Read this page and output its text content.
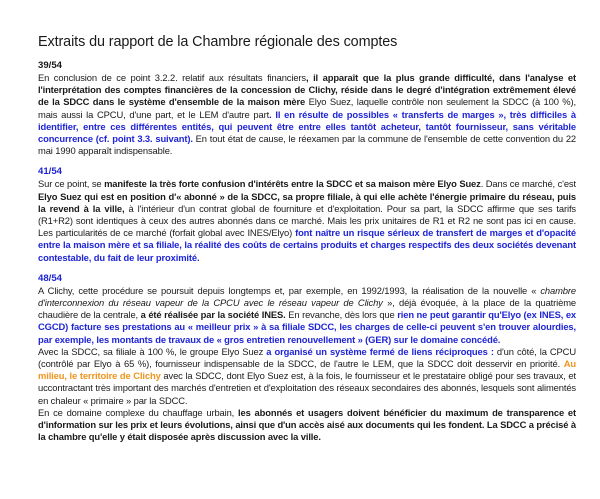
Extraits du rapport de la Chambre régionale des comptes
39/54

En conclusion de ce point 3.2.2. relatif aux résultats financiers, il apparaît que la plus grande difficulté, dans l'analyse et l'interprétation des comptes financières de la concession de Clichy, réside dans le degré d'intégration extrêmement élevé de la SDCC dans le système d'ensemble de la maison mère Elyo Suez, laquelle contrôle non seulement la SDCC (à 100 %), mais aussi la CPCU, d'une part, et le LEM d'autre part. Il en résulte de possibles « transferts de marges », très difficiles à identifier, entre ces différentes entités, qui peuvent être entre elles tantôt acheteur, tantôt fournisseur, sans véritable concurrence (cf. point 3.3. suivant). En tout état de cause, le réexamen par la commune de l'ensemble de cette convention du 22 mai 1990 apparaît indispensable.

41/54

Sur ce point, se manifeste la très forte confusion d'intérêts entre la SDCC et sa maison mère Elyo Suez. Dans ce marché, c'est Elyo Suez qui est en position d'« abonné » de la SDCC, sa propre filiale, à qui elle achète l'énergie primaire du réseau, puis la revend à la ville, à l'intérieur d'un contrat global de fourniture et d'exploitation. Pour sa part, la SDCC affirme que ses tarifs (R1+R2) sont identiques à ceux des autres abonnés dans ce marché. Mais les prix unitaires de R1 et R2 ne sont pas ici en cause. Les particularités de ce marché (forfait global avec INES/Elyo) font naître un risque sérieux de transfert de marges et d'opacité entre la maison mère et sa filiale, la réalité des coûts de certains produits et charges respectifs des deux sociétés devenant contestable, du fait de leur proximité.

48/54

A Clichy, cette procédure se poursuit depuis longtemps et, par exemple, en 1992/1993, la réalisation de la nouvelle « chambre d'interconnexion du réseau vapeur de la CPCU avec le réseau vapeur de Clichy », déjà évoquée, à la place de la quatrième chaudière de la centrale, a été réalisée par la société INES. En revanche, dès lors que rien ne peut garantir qu'Elyo (ex INES, ex CGCD) facture ses prestations au « meilleur prix » à sa filiale SDCC, les charges de celle-ci peuvent s'en trouver alourdies, par exemple, les montants de travaux de « gros entretien renouvellement » (GER) sur le domaine concédé.

Avec la SDCC, sa filiale à 100 %, le groupe Elyo Suez a organisé un système fermé de liens réciproques : d'un côté, la CPCU (contrôlé par Elyo à 65 %), fournisseur indispensable de la SDCC, de l'autre le LEM, que la SDCC doit desservir en priorité. Au milieu, le territoire de Clichy avec la SDCC, dont Elyo Suez est, à la fois, le fournisseur et le prestataire obligé pour ses travaux, et uccontractant très important des marchés d'entretien et d'exploitation des réseaux secondaires des abonnés, lesquels sont alimentés en chaleur « primaire » par la SDCC.

En ce domaine complexe du chauffage urbain, les abonnés et usagers doivent bénéficier du maximum de transparence et d'information sur les prix et leurs évolutions, ainsi que d'un accès aisé aux documents qui les fondent. La SDCC a précisé à la chambre qu'elle y était disposée après discussion avec la ville.
